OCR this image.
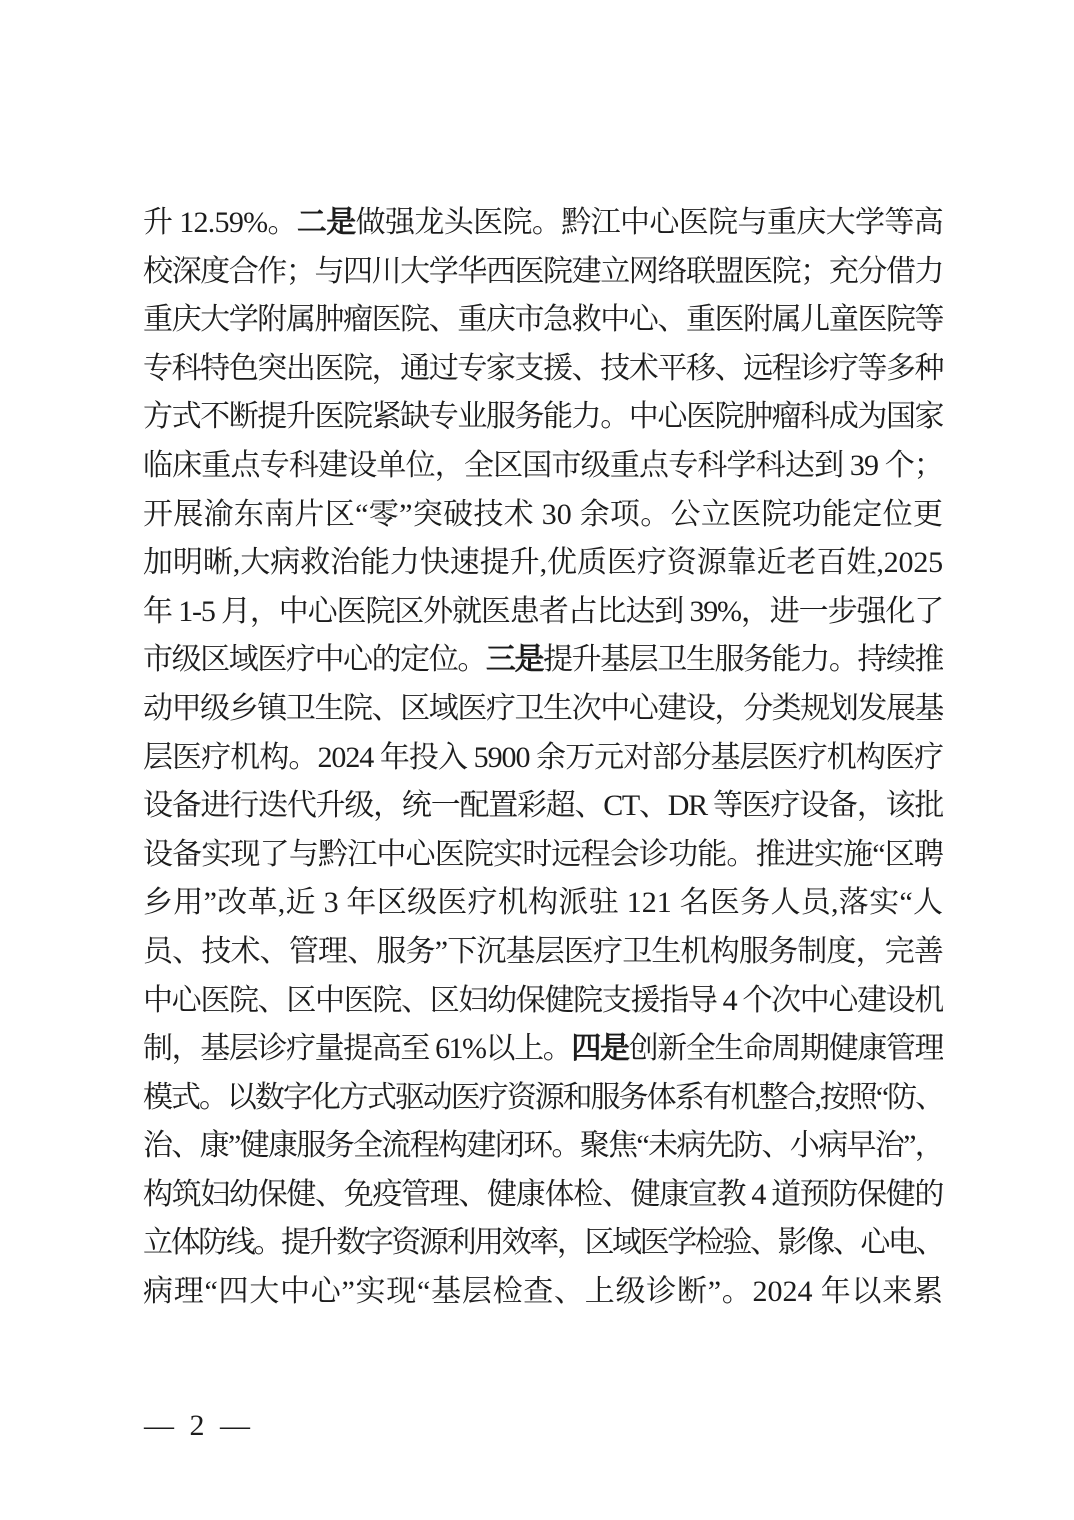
升 12.59%。二是做强龙头医院。黔江中心医院与重庆大学等高
校深度合作；与四川大学华西医院建立网络联盟医院；充分借力
重庆大学附属肿瘤医院、重庆市急救中心、重医附属儿童医院等
专科特色突出医院，通过专家支援、技术平移、远程诊疗等多种
方式不断提升医院紧缺专业服务能力。中心医院肿瘤科成为国家
临床重点专科建设单位，全区国市级重点专科学科达到 39 个；
开展渝东南片区“零”突破技术 30 余项。公立医院功能定位更
加明晰,大病救治能力快速提升,优质医疗资源靠近老百姓,2025
年 1-5 月，中心医院区外就医患者占比达到 39%，进一步强化了
市级区域医疗中心的定位。三是提升基层卫生服务能力。持续推
动甲级乡镇卫生院、区域医疗卫生次中心建设，分类规划发展基
层医疗机构。2024 年投入 5900 余万元对部分基层医疗机构医疗
设备进行迭代升级，统一配置彩超、CT、DR 等医疗设备，该批
设备实现了与黔江中心医院实时远程会诊功能。推进实施“区聘
乡用”改革,近 3 年区级医疗机构派驻 121 名医务人员,落实“人
员、技术、管理、服务”下沉基层医疗卫生机构服务制度，完善
中心医院、区中医院、区妇幼保健院支援指导 4 个次中心建设机
制，基层诊疗量提高至 61%以上。四是创新全生命周期健康管理
模式。以数字化方式驱动医疗资源和服务体系有机整合,按照“防、
治、康”健康服务全流程构建闭环。聚焦“未病先防、小病早治”，
构筑妇幼保健、免疫管理、健康体检、健康宣教 4 道预防保健的
立体防线。提升数字资源利用效率，区域医学检验、影像、心电、
病理“四大中心”实现“基层检查、上级诊断”。2024 年以来累
— 2 —
